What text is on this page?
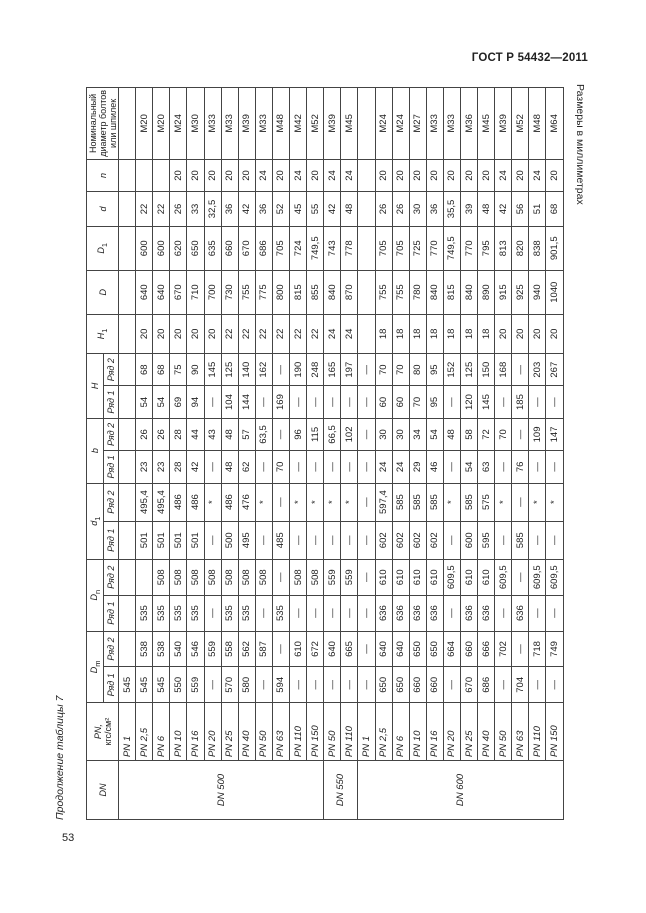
ГОСТ Р 54432—2011
Продолжение таблицы 7
Размеры в миллиметрах
53
DN	PN,
кгс/см²	$D_m$		$D_n$		$d_1$		b		H		$H_1$	D	$D_1$	d	n	Номинальный диаметр болтов или шпилек
		Ряд 1	Ряд 2	Ряд 1	Ряд 2	Ряд 1	Ряд 2	Ряд 1	Ряд 2	Ряд 1	Ряд 2						
DN 500	PN 1	545															
	PN 2,5	545	538	535		501	495,4	23	26	54	68	20	640	600	22		M20
	PN 6	545	538	535	508	501	495,4	23	26	54	68	20	640	600	22		M20
	PN 10	550	540	535	508	501	486	28	28	69	75	20	670	620	26	20	M24
	PN 16	559	546	535	508	501	486	42	44	94	90	20	710	650	33	20	M30
	PN 20	—	559	—	508	—	*	—	43	—	145	20	700	635	32,5	20	M33
	PN 25	570	558	535	508	500	486	48	48	104	125	22	730	660	36	20	M33
	PN 40	580	562	535	508	495	476	62	57	144	140	22	755	670	42	20	M39
	PN 50	—	587	—	508	—	*	—	63,5	—	162	22	775	686	36	24	M33
	PN 63	594	—	535	—	485	—	70	—	169	—	22	800	705	52	20	M48
	PN 110	—	610	—	508	—	*	—	96	—	190	22	815	724	45	24	M42
	PN 150	—	672	—	508	—	*	—	115	—	248	22	855	749,5	55	20	M52
DN 550	PN 50	—	640	—	559	—	*	—	66,5	—	165	24	840	743	42	24	M39
	PN 110	—	665	—	559	—	*	—	102	—	197	24	870	778	48	24	M45
DN 600	PN 1	—	—	—	—	—	—	—	—	—	—						
	PN 2,5	650	640	636	610	602	597,4	24	30	60	70	18	755	705	26	20	M24
	PN 6	650	640	636	610	602	585	24	30	60	70	18	755	705	26	20	M24
	PN 10	660	650	636	610	602	585	29	34	70	80	18	780	725	30	20	M27
	PN 16	660	650	636	610	602	585	46	54	95	95	18	840	770	36	20	M33
	PN 20	—	664	—	609,5	—	*	—	48	—	152	18	815	749,5	35,5	20	M33
	PN 25	670	660	636	610	600	585	54	58	120	125	18	840	770	39	20	M36
	PN 40	686	666	636	610	595	575	63	72	145	150	18	890	795	48	20	M45
	PN 50	—	702	—	609,5	—	*	—	70	—	168	20	915	813	42	24	M39
	PN 63	704	—	636	—	585	—	76	—	185	—	20	925	820	56	20	M52
	PN 110	—	718	—	609,5	—	*	—	109	—	203	20	940	838	51	24	M48
	PN 150	—	749	—	609,5	—	*	—	147	—	267	20	1040	901,5	68	20	M64
